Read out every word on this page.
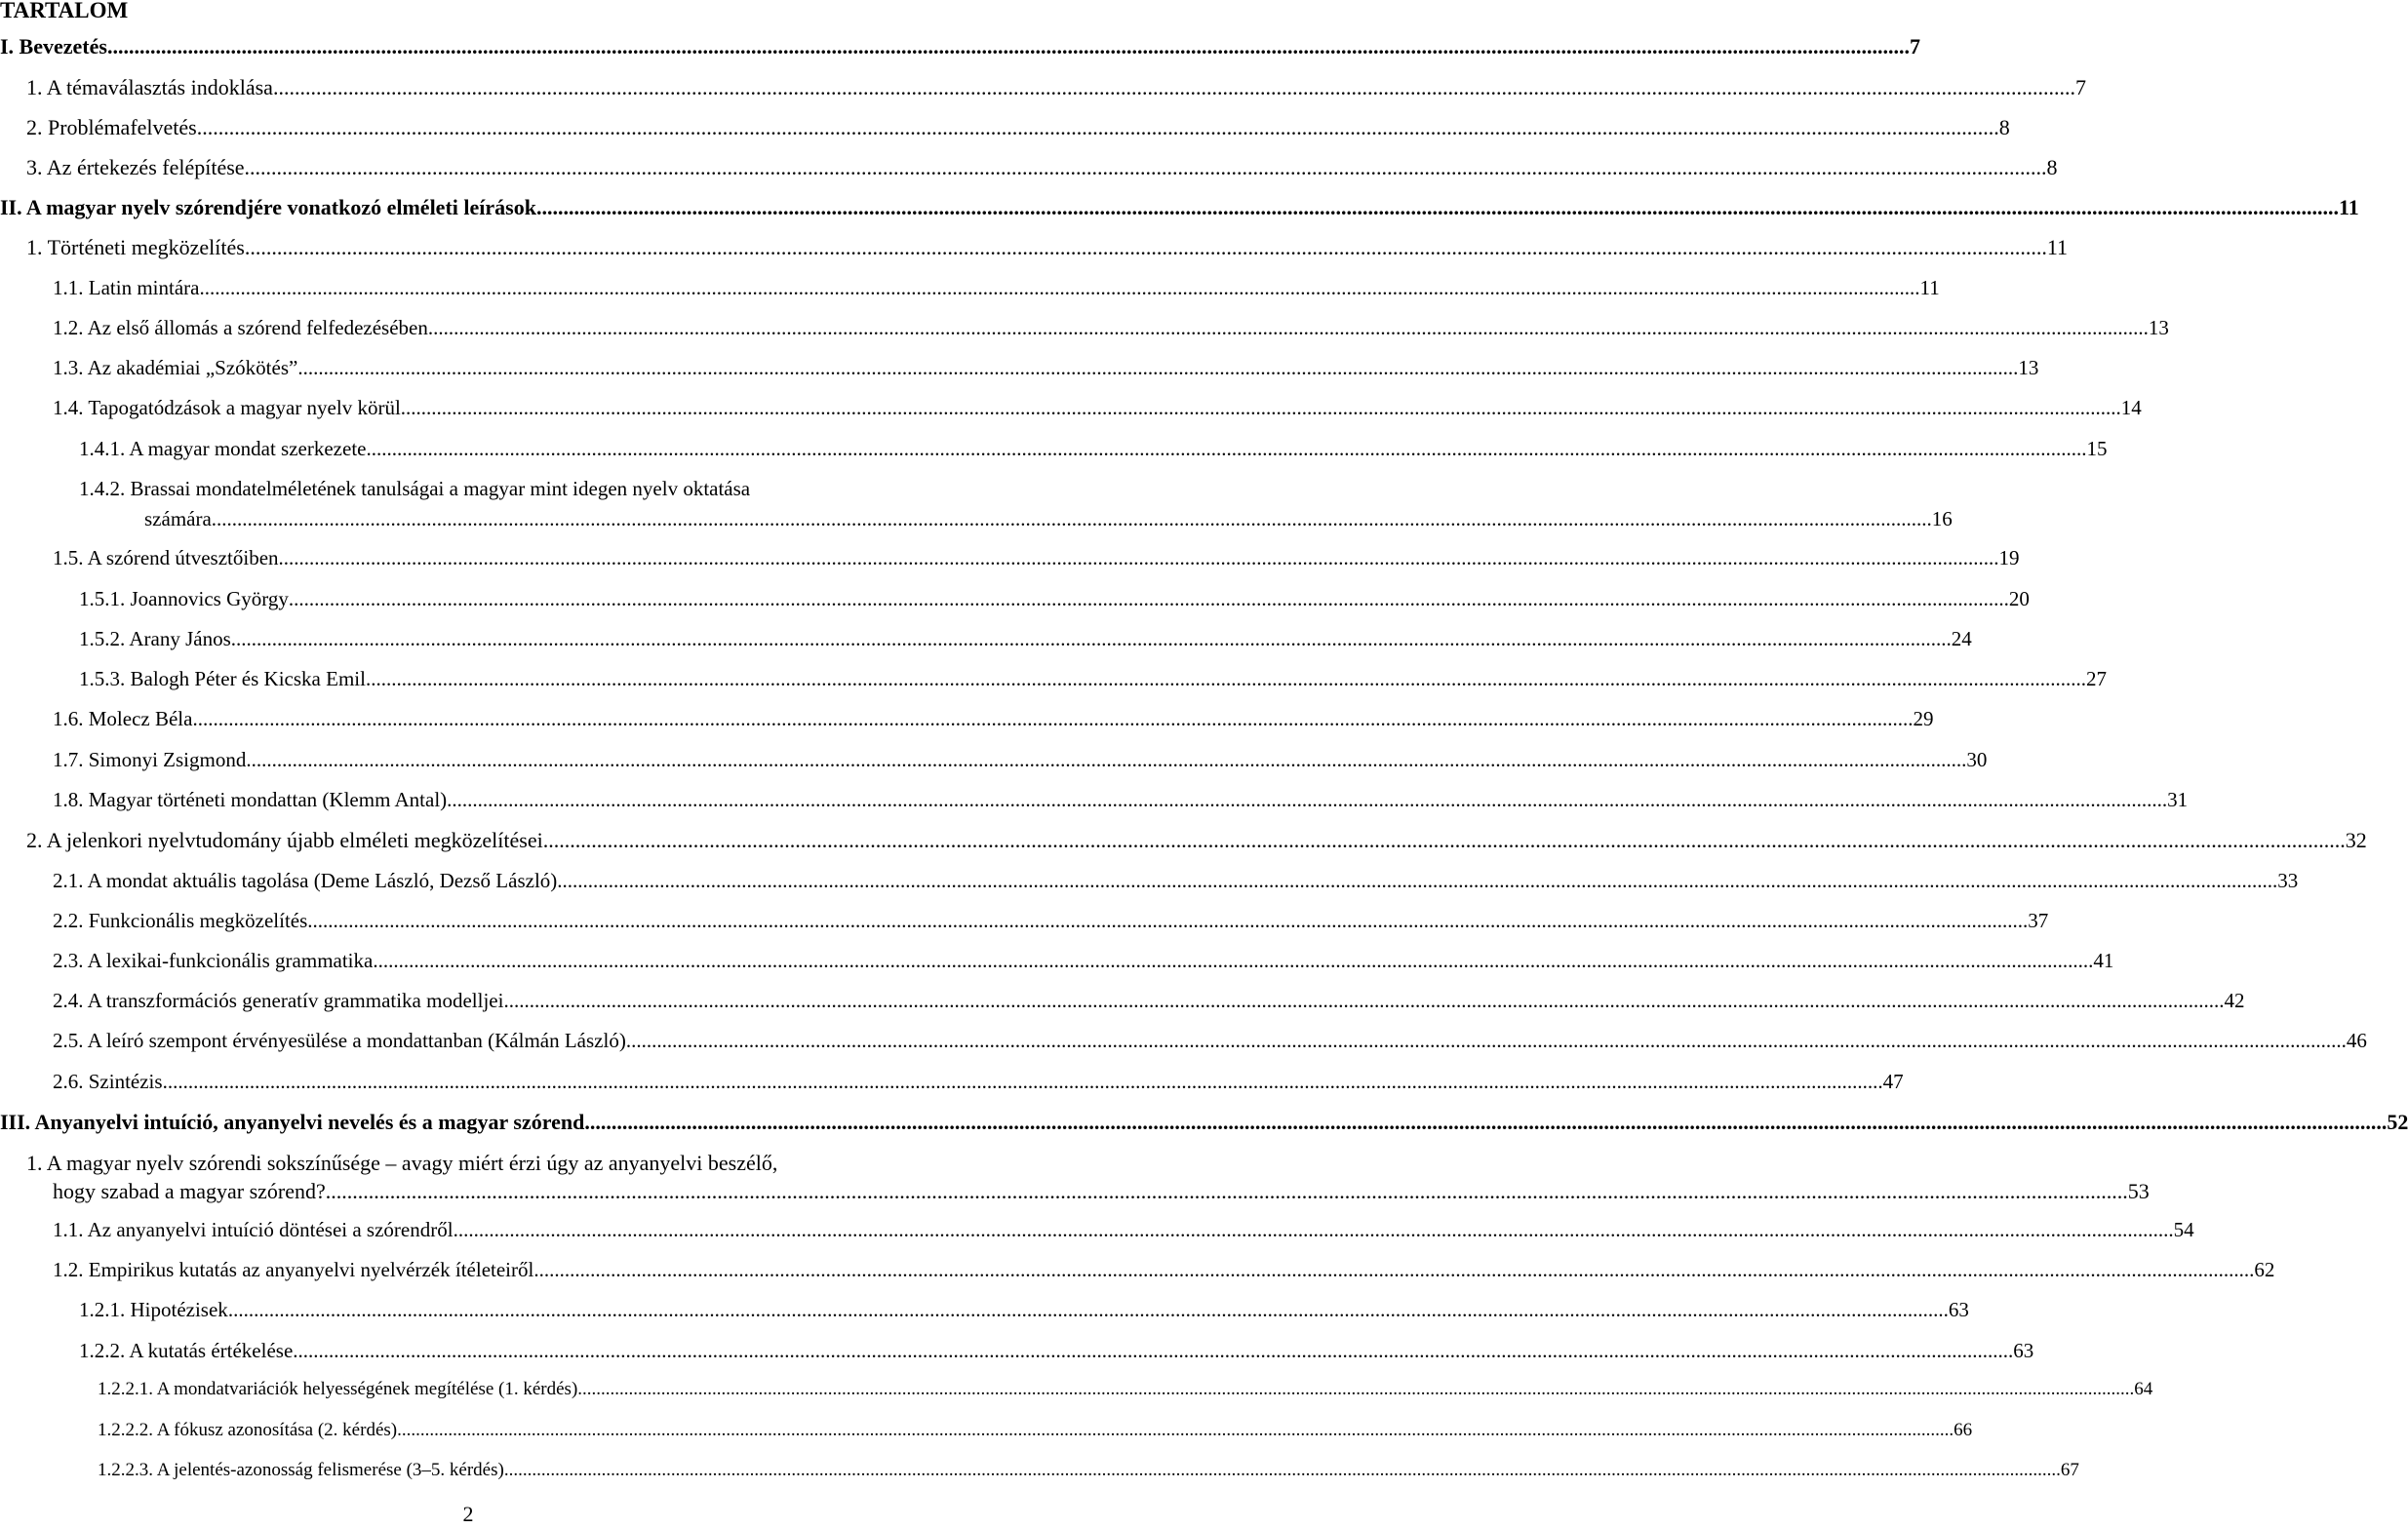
TARTALOM
I. Bevezetés .....	7
1. A témaválasztás indoklása .....	7
2. Problémafelvetés .....	8
3. Az értekezés felépítése .....	8
II. A magyar nyelv szórendjére vonatkozó elméleti leírások .....	11
1. Történeti megközelítés .....	11
1.1. Latin mintára .....	11
1.2. Az első állomás a szórend felfedezésében .....	13
1.3. Az akadémiai „Szókötés” .....	13
1.4. Tapogatódzások a magyar nyelv körül .....	14
1.4.1. A magyar mondat szerkezete .....	15
1.4.2. Brassai mondatelméletének tanulságai a magyar mint idegen nyelv oktatása
számára .....	16
1.5. A szórend útvesztőiben .....	19
1.5.1. Joannovics György .....	20
1.5.2. Arany János .....	24
1.5.3. Balogh Péter és Kicska Emil .....	27
1.6. Molecz Béla .....	29
1.7. Simonyi Zsigmond .....	30
1.8. Magyar történeti mondattan (Klemm Antal) .....	31
2. A jelenkori nyelvtudomány újabb elméleti megközelítései .....	32
2.1. A mondat aktuális tagolása (Deme László, Dezső László) .....	33
2.2. Funkcionális megközelítés .....	37
2.3. A lexikai-funkcionális grammatika .....	41
2.4. A transzformációs generatív grammatika modelljei .....	42
2.5. A leíró szempont érvényesülése a mondattanban (Kálmán László) .....	46
2.6. Szintézis .....	47
III. Anyanyelvi intuíció, anyanyelvi nevelés és a magyar szórend .....	52
1. A magyar nyelv szórendi sokszínűsége – avagy miért érzi úgy az anyanyelvi beszélő,
hogy szabad a magyar szórend? .....	53
1.1. Az anyanyelvi intuíció döntései a szórendről .....	54
1.2. Empirikus kutatás az anyanyelvi nyelvérzék ítéleteiről .....	62
1.2.1. Hipotézisek .....	63
1.2.2. A kutatás értékelése .....	63
1.2.2.1. A mondatvariációk helyességének megítélése (1. kérdés) .....	64
1.2.2.2. A fókusz azonosítása (2. kérdés) .....	66
1.2.2.3. A jelentés-azonosság felismerése (3–5. kérdés) .....	67
2
